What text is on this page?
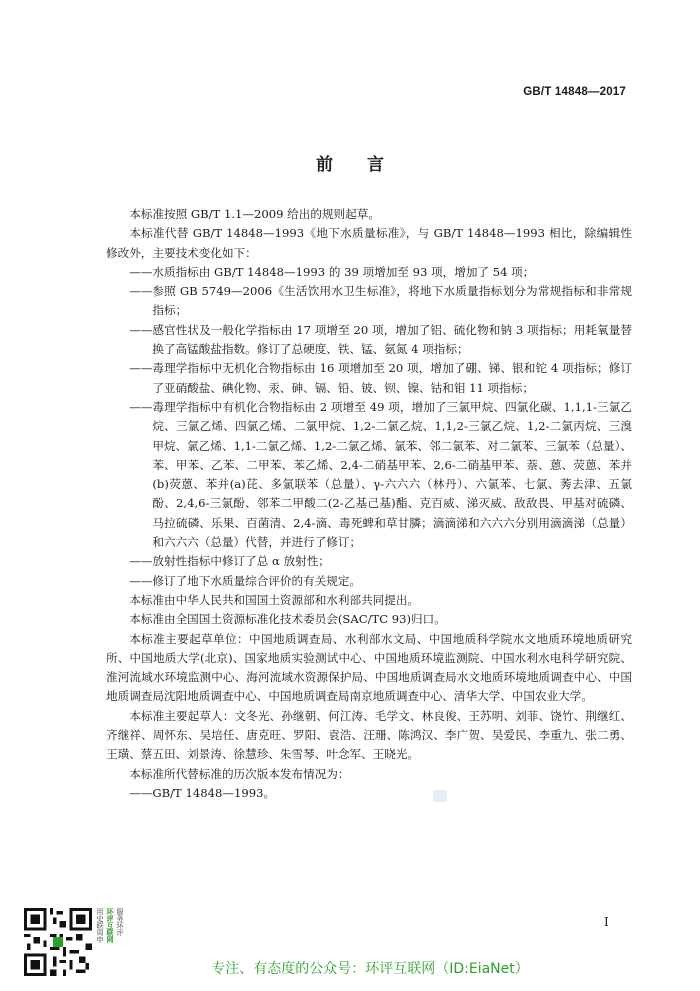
GB/T 14848—2017
前 言

本标准按照 GB/T 1.1—2009 给出的规则起草。

本标准代替 GB/T 14848—1993《地下水质量标准》，与 GB/T 14848—1993 相比，除编辑性修改外，主要技术变化如下：

—— 水质指标由 GB/T 14848—1993 的 39 项增加至 93 项，增加了 54 项；

—— 参照 GB 5749—2006《生活饮用水卫生标准》，将地下水质量指标划分为常规指标和非常规指标；

—— 感官性状及一般化学指标由 17 项增至 20 项，增加了铝、硫化物和钠 3 项指标；用耗氧量替换了高锰酸盐指数。修订了总硬度、铁、锰、氨氮 4 项指标；

—— 毒理学指标中无机化合物指标由 16 项增加至 20 项，增加了硼、锑、银和铊 4 项指标；修订了亚硝酸盐、碘化物、汞、砷、镉、铅、铍、钡、镍、钴和钼 11 项指标；

—— 毒理学指标中有机化合物指标由 2 项增至 49 项，增加了三氯甲烷、四氯化碳、1,1,1-三氯乙烷、三氯乙烯、四氯乙烯、二氯甲烷、1,2-二氯乙烷、1,1,2-三氯乙烷、1,2-二氯丙烷、三溴甲烷、氯乙烯、1,1-二氯乙烯、1,2-二氯乙烯、氯苯、邻二氯苯、对二氯苯、三氯苯（总量）、苯、甲苯、乙苯、二甲苯、苯乙烯、2,4-二硝基甲苯、2,6-二硝基甲苯、萘、蒽、荧蒽、苯并(b)荧蒽、苯并(a)芘、多氯联苯（总量）、γ-六六六（林丹）、六氯苯、七氯、莠去津、五氯酚、2,4,6-三氯酚、邻苯二甲酸二(2-乙基己基)酯、克百威、涕灭威、敌敌畏、甲基对硫磷、马拉硫磷、乐果、百菌清、2,4-滴、毒死蜱和草甘膦；滴滴涕和六六六分别用滴滴涕（总量）和六六六（总量）代替，并进行了修订；

—— 放射性指标中修订了总 α 放射性；

—— 修订了地下水质量综合评价的有关规定。

本标准由中华人民共和国国土资源部和水利部共同提出。

本标准由全国国土资源标准化技术委员会(SAC/TC 93)归口。

本标准主要起草单位：中国地质调查局、水利部水文局、中国地质科学院水文地质环境地质研究所、中国地质大学(北京)、国家地质实验测试中心、中国地质环境监测院、中国水利水电科学研究院、淮河流域水环境监测中心、海河流域水资源保护局、中国地质调查局水文地质环境地质调查中心、中国地质调查局沈阳地质调查中心、中国地质调查局南京地质调查中心、清华大学、中国农业大学。

本标准主要起草人：文冬光、孙继朝、何江涛、毛学文、林良俊、王苏明、刘菲、饶竹、荆继红、齐继祥、周怀东、吴培任、唐克旺、罗阳、袁浩、汪珊、陈鸿汉、李广贺、吴爱民、李重九、张二勇、王璜、蔡五田、刘景涛、徐慧珍、朱雪琴、叶念军、王晓光。

本标准所代替标准的历次版本发布情况为：

——GB/T 14848—1993。

I
用史联周申 环评互联网 服务环评
专注、有态度的公众号：环评互联网（ID:EiaNet）
